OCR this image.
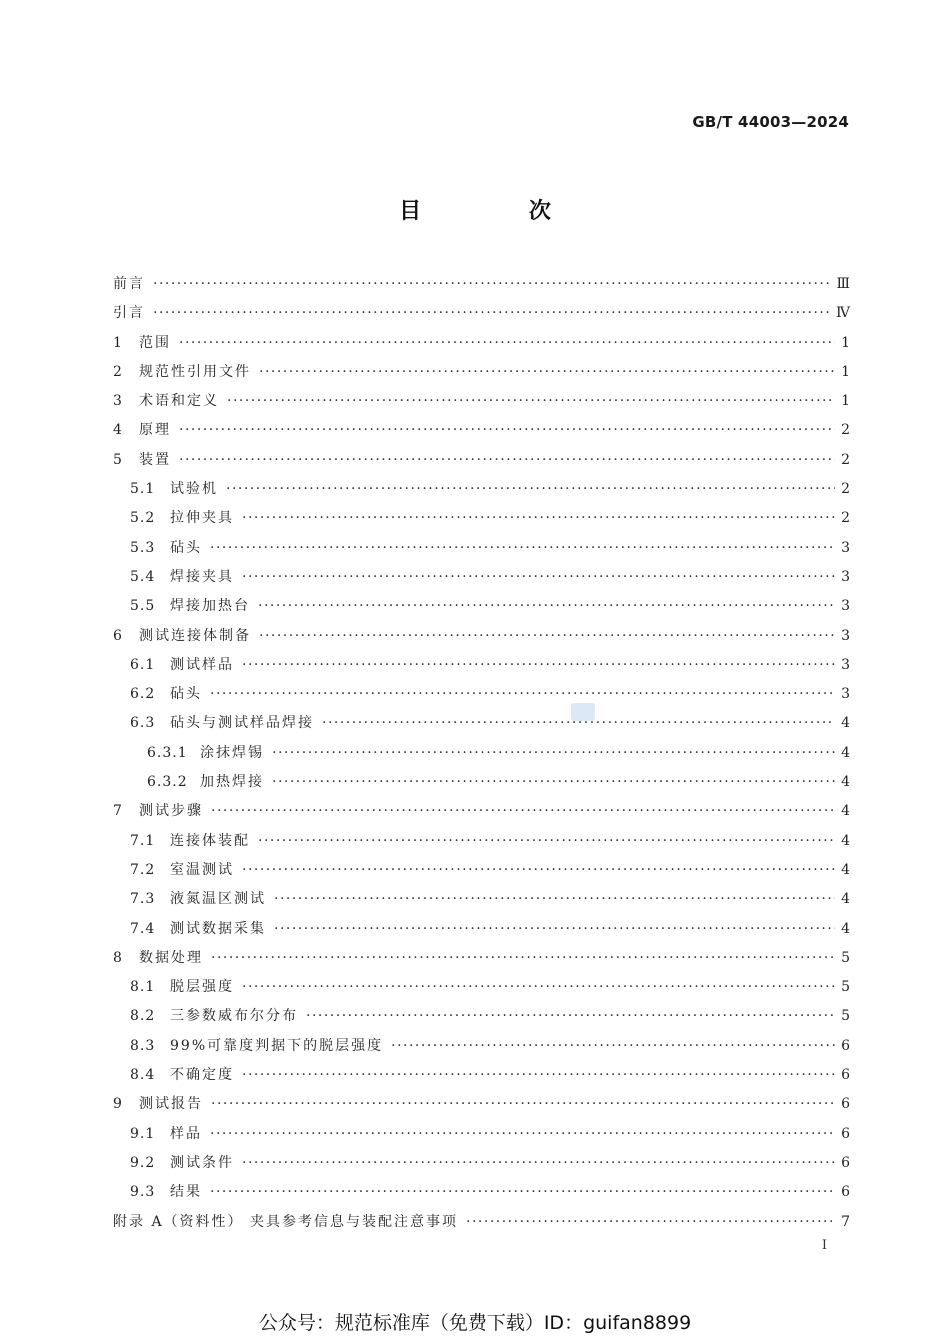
GB/T 44003—2024
目 次
前言 ·····	Ⅲ
引言 ·····	Ⅳ
1	范围 ·····	1
2	规范性引用文件 ·····	1
3	术语和定义 ·····	1
4	原理 ·····	2
5	装置 ·····	2
5.1	试验机 ·····	2
5.2	拉伸夹具 ·····	2
5.3	砧头 ·····	3
5.4	焊接夹具 ·····	3
5.5	焊接加热台 ·····	3
6	测试连接体制备 ·····	3
6.1	测试样品 ·····	3
6.2	砧头 ·····	3
6.3	砧头与测试样品焊接 ·····	4
6.3.1 涂抹焊锡 ·····	4
6.3.2 加热焊接 ·····	4
7	测试步骤 ·····	4
7.1	连接体装配 ·····	4
7.2	室温测试 ·····	4
7.3	液氮温区测试 ·····	4
7.4	测试数据采集 ·····	4
8	数据处理 ·····	5
8.1	脱层强度 ·····	5
8.2	三参数威布尔分布 ·····	5
8.3	99%可靠度判据下的脱层强度 ·····	6
8.4	不确定度 ·····	6
9	测试报告 ·····	6
9.1	样品 ·····	6
9.2	测试条件 ·····	6
9.3	结果 ·····	6
附录 A（资料性） 夹具参考信息与装配注意事项 ·····	7
I
公众号：规范标准库（免费下载）ID：guifan8899
